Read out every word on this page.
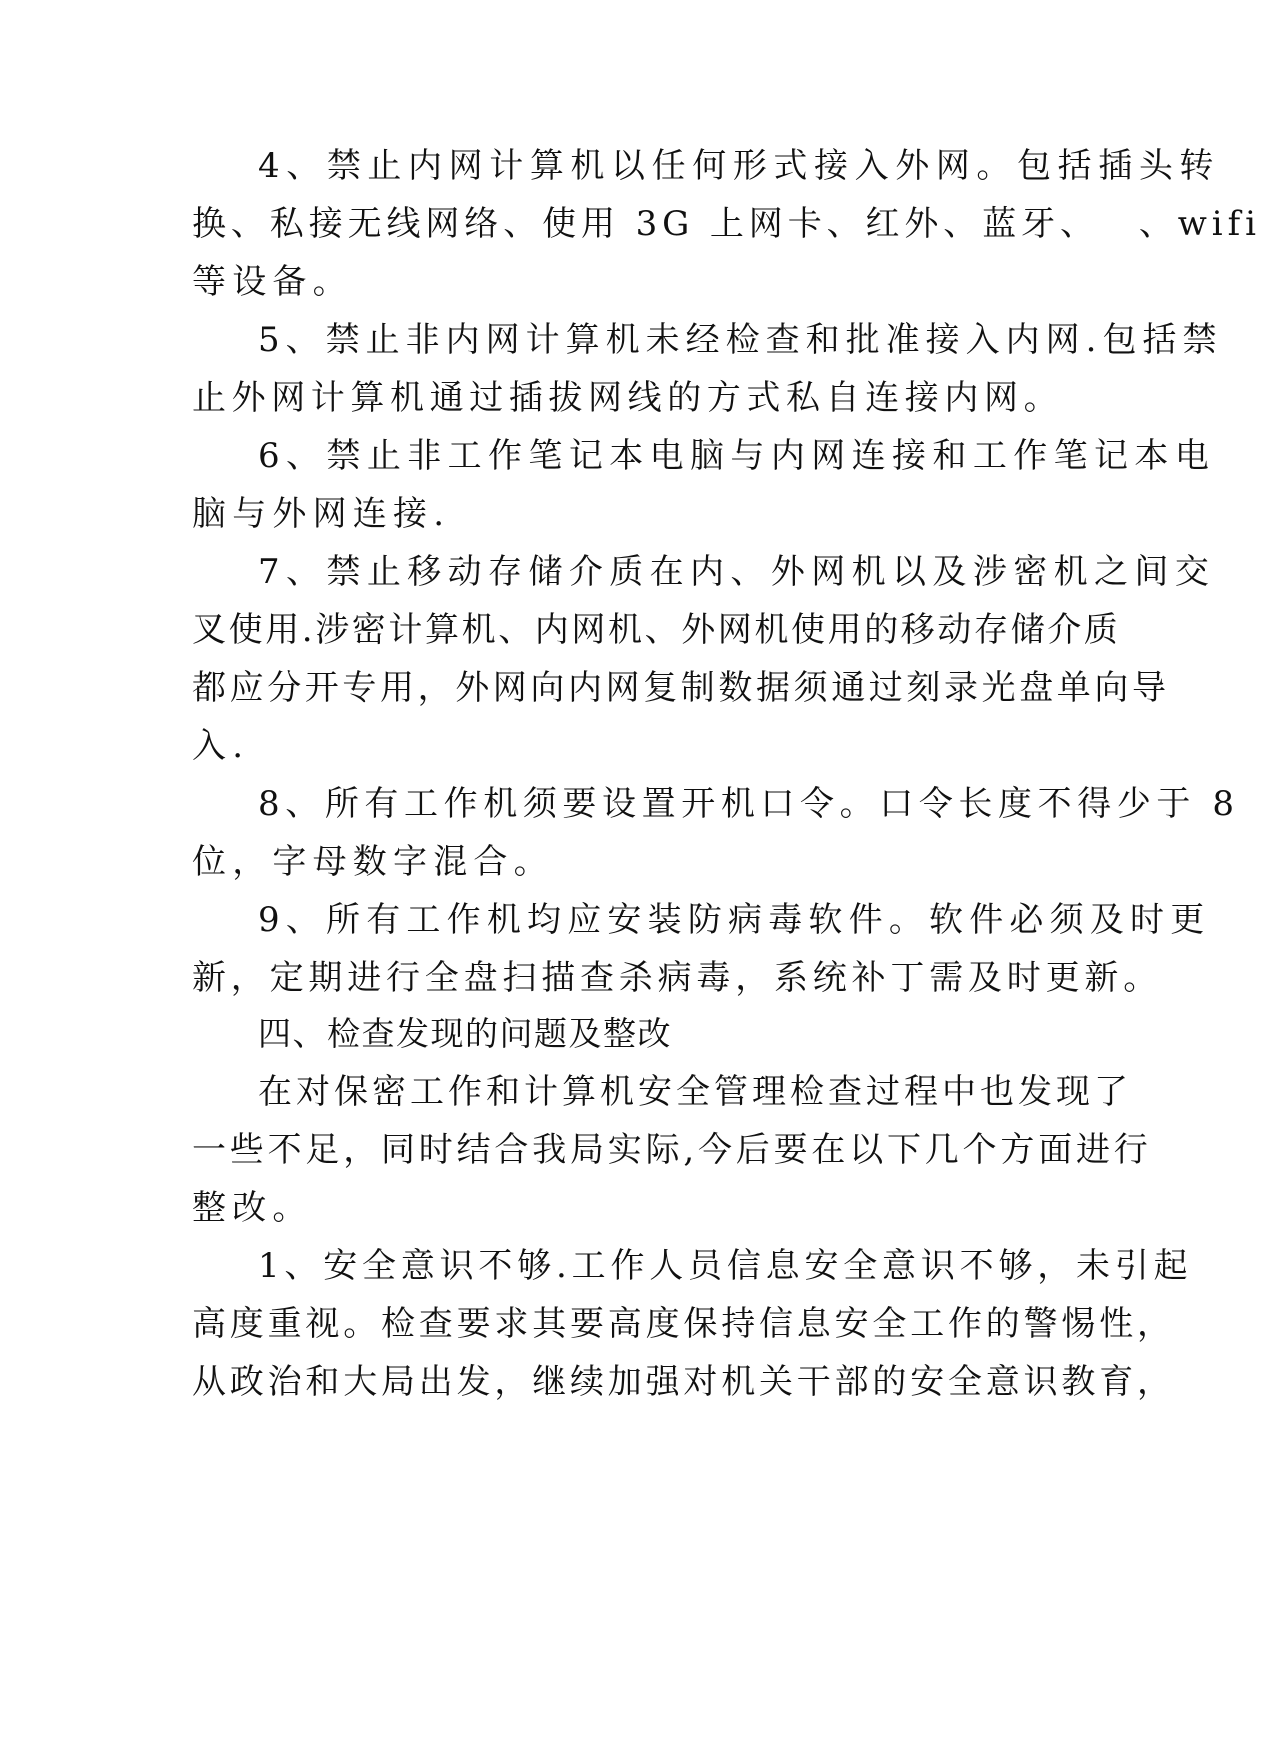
4、禁止内网计算机以任何形式接入外网。包括插头转
换、私接无线网络、使用 3G 上网卡、红外、蓝牙、 、wifi
等设备。
5、禁止非内网计算机未经检查和批准接入内网.包括禁
止外网计算机通过插拔网线的方式私自连接内网。
6、禁止非工作笔记本电脑与内网连接和工作笔记本电
脑与外网连接.
7、禁止移动存储介质在内、外网机以及涉密机之间交
叉使用.涉密计算机、内网机、外网机使用的移动存储介质
都应分开专用，外网向内网复制数据须通过刻录光盘单向导
入.
8、所有工作机须要设置开机口令。口令长度不得少于 8
位，字母数字混合。
9、所有工作机均应安装防病毒软件。软件必须及时更
新，定期进行全盘扫描查杀病毒，系统补丁需及时更新。
四、检查发现的问题及整改
在对保密工作和计算机安全管理检查过程中也发现了
一些不足，同时结合我局实际,今后要在以下几个方面进行
整改。
1、安全意识不够.工作人员信息安全意识不够，未引起
高度重视。检查要求其要高度保持信息安全工作的警惕性，
从政治和大局出发，继续加强对机关干部的安全意识教育，
